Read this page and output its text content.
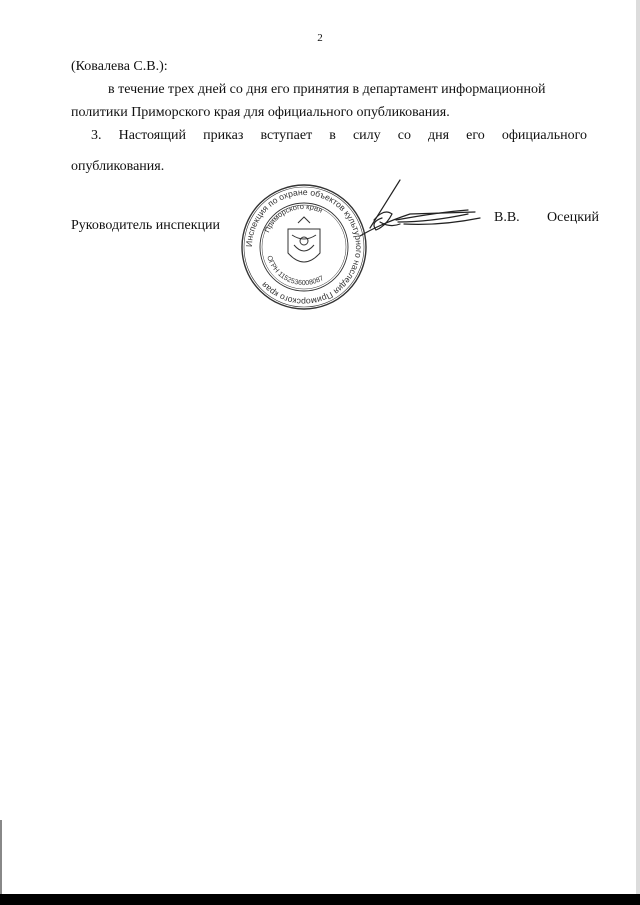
2
(Ковалева С.В.):
в течение трех дней со дня его принятия в департамент информационной
политики Приморского края для официального опубликования.
3. Настоящий приказ вступает в силу со дня его официального
опубликования.
Руководитель инспекции
В.В. Осецкий
Инспекция по охране объектов культурного наследия Приморского края
Приморского края
ОГРН 1152536008087
